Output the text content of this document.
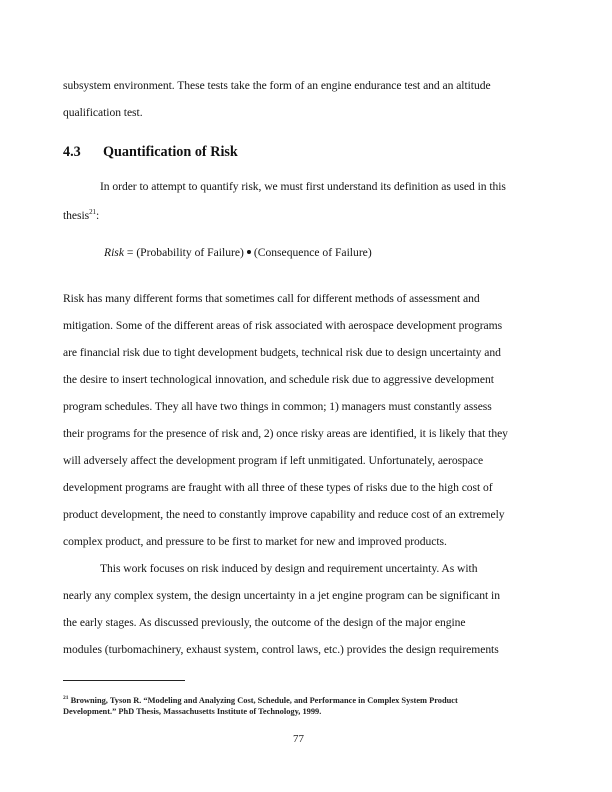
subsystem environment. These tests take the form of an engine endurance test and an altitude
qualification test.
4.3 Quantification of Risk
In order to attempt to quantify risk, we must first understand its definition as used in this
thesis$^{21}$:
Risk = (Probability of Failure) (Consequence of Failure)
Risk has many different forms that sometimes call for different methods of assessment and
mitigation. Some of the different areas of risk associated with aerospace development programs
are financial risk due to tight development budgets, technical risk due to design uncertainty and
the desire to insert technological innovation, and schedule risk due to aggressive development
program schedules. They all have two things in common; 1) managers must constantly assess
their programs for the presence of risk and, 2) once risky areas are identified, it is likely that they
will adversely affect the development program if left unmitigated. Unfortunately, aerospace
development programs are fraught with all three of these types of risks due to the high cost of
product development, the need to constantly improve capability and reduce cost of an extremely
complex product, and pressure to be first to market for new and improved products.
This work focuses on risk induced by design and requirement uncertainty. As with
nearly any complex system, the design uncertainty in a jet engine program can be significant in
the early stages. As discussed previously, the outcome of the design of the major engine
modules (turbomachinery, exhaust system, control laws, etc.) provides the design requirements
$^{21}$ Browning, Tyson R. “Modeling and Analyzing Cost, Schedule, and Performance in Complex System Product
Development.” PhD Thesis, Massachusetts Institute of Technology, 1999.
77
